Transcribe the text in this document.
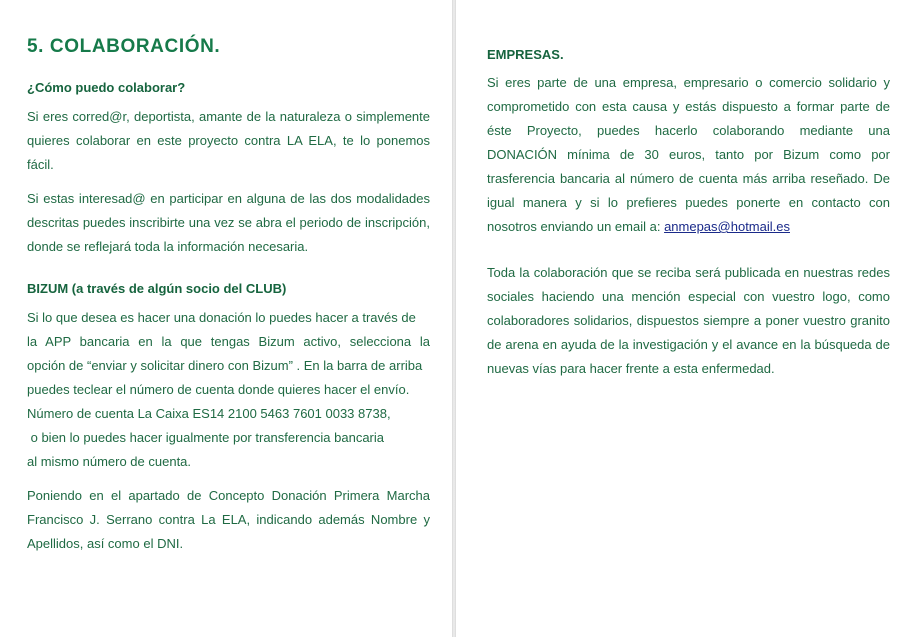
5. COLABORACIÓN.
¿Cómo puedo colaborar?

Si eres corred@r, deportista, amante de la naturaleza o simplemente quieres colaborar en este proyecto contra LA ELA, te lo ponemos fácil.

Si estas interesad@ en participar en alguna de las dos modalidades descritas puedes inscribirte una vez se abra el periodo de inscripción, donde se reflejará toda la información necesaria.

BIZUM (a través de algún socio del CLUB)

Si lo que desea es hacer una donación lo puedes hacer a través de
la APP bancaria en la que tengas Bizum activo, selecciona la
opción de “enviar y solicitar dinero con Bizum” . En la barra de arriba
puedes teclear el número de cuenta donde quieres hacer el envío.
Número de cuenta La Caixa ES14 2100 5463 7601 0033 8738,
o bien lo puedes hacer igualmente por transferencia bancaria
al mismo número de cuenta.

Poniendo en el apartado de Concepto Donación Primera Marcha Francisco J. Serrano contra La ELA, indicando además Nombre y Apellidos, así como el DNI.

EMPRESAS.

Si eres parte de una empresa, empresario o comercio solidario y comprometido con esta causa y estás dispuesto a formar parte de éste Proyecto, puedes hacerlo colaborando mediante una DONACIÓN mínima de 30 euros, tanto por Bizum como por trasferencia bancaria al número de cuenta más arriba reseñado. De igual manera y si lo prefieres puedes ponerte en contacto con nosotros enviando un email a: anmepas@hotmail.es

Toda la colaboración que se reciba será publicada en nuestras redes sociales haciendo una mención especial con vuestro logo, como colaboradores solidarios, dispuestos siempre a poner vuestro granito de arena en ayuda de la investigación y el avance en la búsqueda de nuevas vías para hacer frente a esta enfermedad.
